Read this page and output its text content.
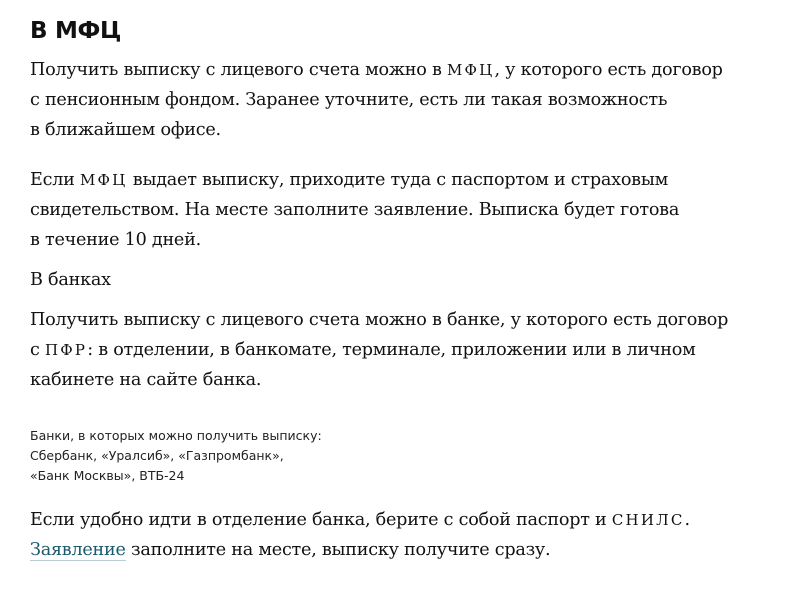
В МФЦ
Получить выписку с лицевого счета можно в МФЦ, у которого есть договор
с пенсионным фондом. Заранее уточните, есть ли такая возможность
в ближайшем офисе.
Если МФЦ выдает выписку, приходите туда с паспортом и страховым
свидетельством. На месте заполните заявление. Выписка будет готова
в течение 10 дней.
В банках
Получить выписку с лицевого счета можно в банке, у которого есть договор
с ПФР: в отделении, в банкомате, терминале, приложении или в личном
кабинете на сайте банка.
Банки, в которых можно получить выписку:
Сбербанк, «Уралсиб», «Газпромбанк»,
«Банк Москвы», ВТБ-24
Если удобно идти в отделение банка, берите с собой паспорт и СНИЛС.
Заявление заполните на месте, выписку получите сразу.
